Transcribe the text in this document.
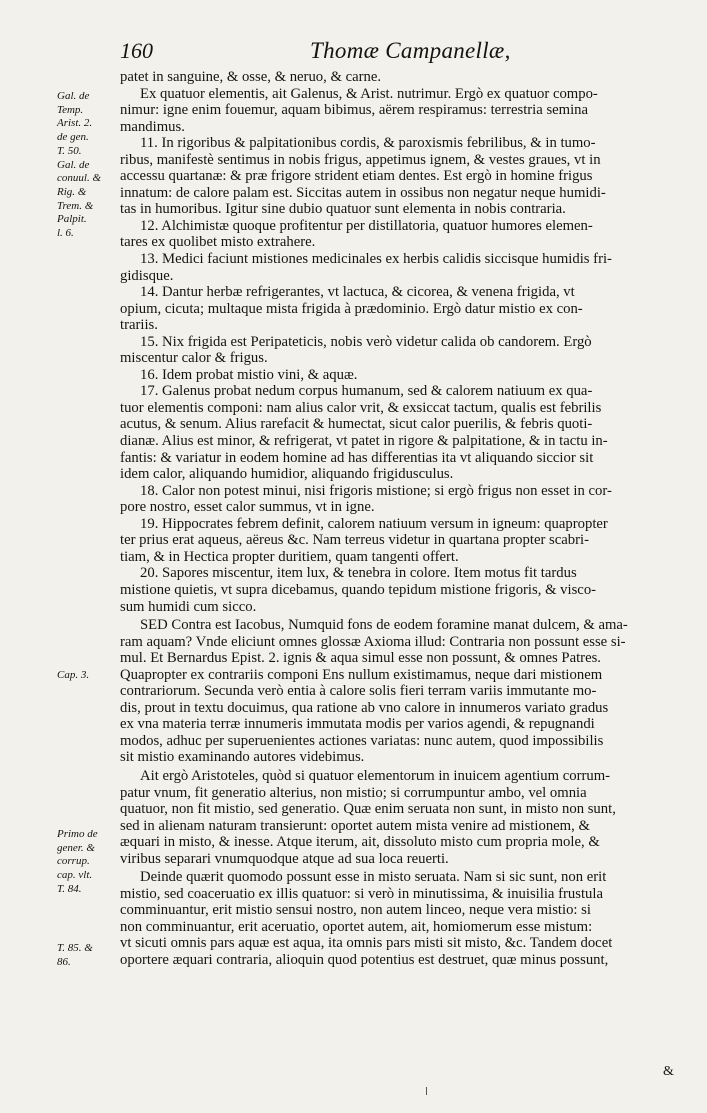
160	Thomæ Campanellæ,
patet in sanguine, & osse, & neruo, & carne.
Ex quatuor elementis, ait Galenus, & Arist. nutrimur. Ergò ex quatuor compo-
nimur: igne enim fouemur, aquam bibimus, aërem respiramus: terrestria semina
mandimus.
11. In rigoribus & palpitationibus cordis, & paroxismis febrilibus, & in tumo-
ribus, manifestè sentimus in nobis frigus, appetimus ignem, & vestes graues, vt in
accessu quartanæ: & præ frigore strident etiam dentes. Est ergò in homine frigus
innatum: de calore palam est. Siccitas autem in ossibus non negatur neque humidi-
tas in humoribus. Igitur sine dubio quatuor sunt elementa in nobis contraria.
12. Alchimistæ quoque profitentur per distillatoria, quatuor humores elemen-
tares ex quolibet misto extrahere.
13. Medici faciunt mistiones medicinales ex herbis calidis siccisque humidis fri-
gidisque.
14. Dantur herbæ refrigerantes, vt lactuca, & cicorea, & venena frigida, vt
opium, cicuta; multaque mista frigida à prædominio. Ergò datur mistio ex con-
trariis.
15. Nix frigida est Peripateticis, nobis verò videtur calida ob candorem. Ergò
miscentur calor & frigus.
16. Idem probat mistio vini, & aquæ.
17. Galenus probat nedum corpus humanum, sed & calorem natiuum ex qua-
tuor elementis componi: nam alius calor vrit, & exsiccat tactum, qualis est febrilis
acutus, & senum. Alius rarefacit & humectat, sicut calor puerilis, & febris quoti-
dianæ. Alius est minor, & refrigerat, vt patet in rigore & palpitatione, & in tactu in-
fantis: & variatur in eodem homine ad has differentias ita vt aliquando siccior sit
idem calor, aliquando humidior, aliquando frigidusculus.
18. Calor non potest minui, nisi frigoris mistione; si ergò frigus non esset in cor-
pore nostro, esset calor summus, vt in igne.
19. Hippocrates febrem definit, calorem natiuum versum in igneum: quapropter
ter prius erat aqueus, aëreus &c. Nam terreus videtur in quartana propter scabri-
tiam, & in Hectica propter duritiem, quam tangenti offert.
20. Sapores miscentur, item lux, & tenebra in colore. Item motus fit tardus
mistione quietis, vt supra dicebamus, quando tepidum mistione frigoris, & visco-
sum humidi cum sicco.
SED Contra est Iacobus, Numquid fons de eodem foramine manat dulcem, & ama-
ram aquam? Vnde eliciunt omnes glossæ Axioma illud: Contraria non possunt esse si-
mul. Et Bernardus Epist. 2. ignis & aqua simul esse non possunt, & omnes Patres.
Quapropter ex contrariis componi Ens nullum existimamus, neque dari mistionem
contrariorum. Secunda verò entia à calore solis fieri terram variis immutante mo-
dis, prout in textu docuimus, qua ratione ab vno calore in innumeros variato gradus
ex vna materia terræ innumeris immutata modis per varios agendi, & repugnandi
modos, adhuc per superuenientes actiones variatas: nunc autem, quod impossibilis
sit mistio examinando autores videbimus.
Ait ergò Aristoteles, quòd si quatuor elementorum in inuicem agentium corrum-
patur vnum, fit generatio alterius, non mistio; si corrumpuntur ambo, vel omnia
quatuor, non fit mistio, sed generatio. Quæ enim seruata non sunt, in misto non sunt,
sed in alienam naturam transierunt: oportet autem mista venire ad mistionem, &
æquari in misto, & inesse. Atque iterum, ait, dissoluto misto cum propria mole, &
viribus separari vnumquodque atque ad sua loca reuerti.
Deinde quærit quomodo possunt esse in misto seruata. Nam si sic sunt, non erit
mistio, sed coaceruatio ex illis quatuor: si verò in minutissima, & inuisilia frustula
comminuantur, erit mistio sensui nostro, non autem linceo, neque vera mistio: si
non comminuantur, erit aceruatio, oportet autem, ait, homiomerum esse mistum:
vt sicuti omnis pars aquæ est aqua, ita omnis pars misti sit misto, &c. Tandem docet
oportere æquari contraria, alioquin quod potentius est destruet, quæ minus possunt,
Gal. de
Temp.
Arist. 2.
de gen.
T. 50.
Gal. de
conuul. &
Rig. &
Trem. &
Palpit.
l. 6.
Cap. 3.
Primo de
gener. &
corrup.
cap. vlt.
T. 84.
T. 85. &
86.
&
